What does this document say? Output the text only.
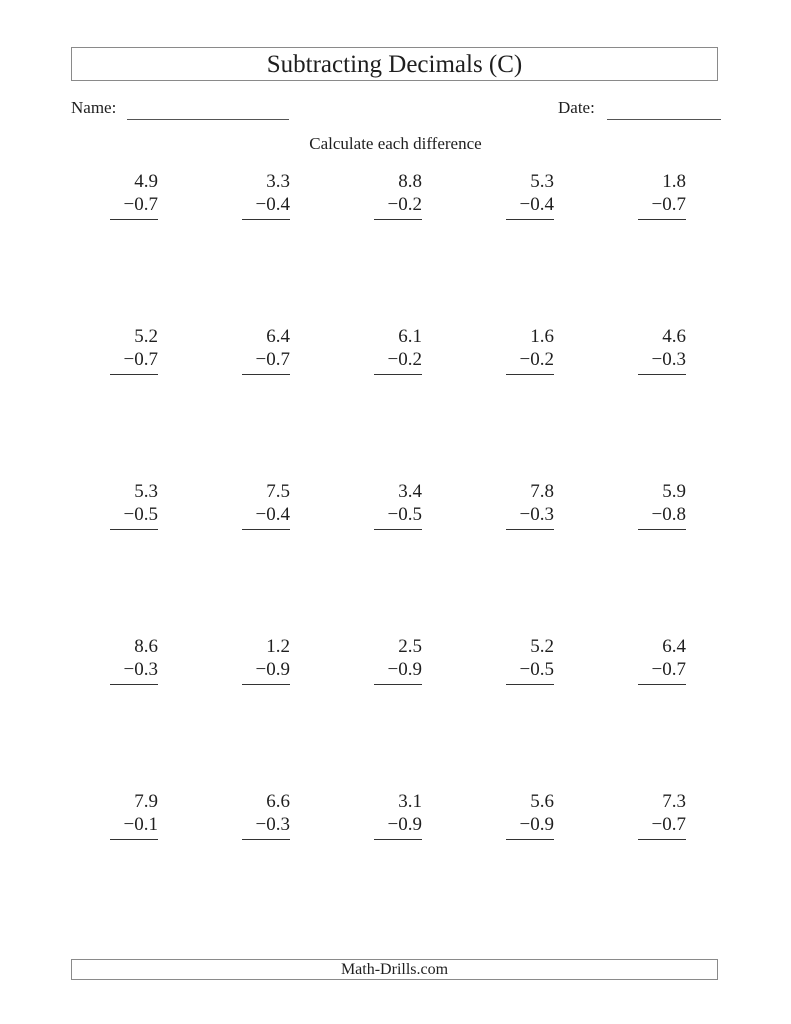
Subtracting Decimals (C)
Name:	Date:
Calculate each difference
4.9
−0.7
3.3
−0.4
8.8
−0.2
5.3
−0.4
1.8
−0.7
5.2
−0.7
6.4
−0.7
6.1
−0.2
1.6
−0.2
4.6
−0.3
5.3
−0.5
7.5
−0.4
3.4
−0.5
7.8
−0.3
5.9
−0.8
8.6
−0.3
1.2
−0.9
2.5
−0.9
5.2
−0.5
6.4
−0.7
7.9
−0.1
6.6
−0.3
3.1
−0.9
5.6
−0.9
7.3
−0.7
Math-Drills.com
